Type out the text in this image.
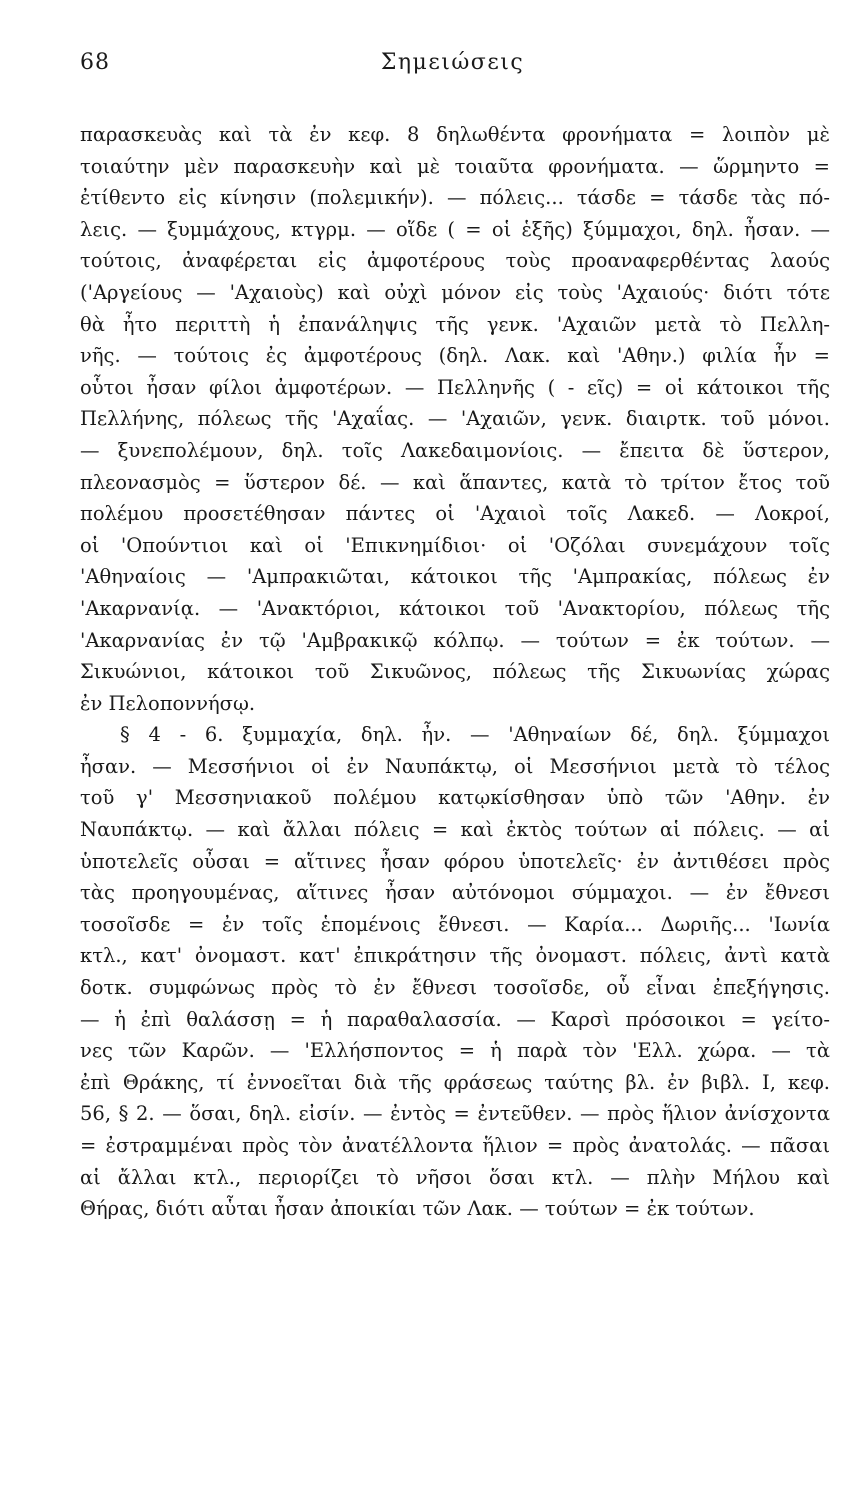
68	Σημειώσεις
παρασκευὰς καὶ τὰ ἐν κεφ. 8 δηλωθέντα φρονήματα = λοιπὸν μὲ
τοιαύτην μὲν παρασκευὴν καὶ μὲ τοιαῦτα φρονήματα. — ὥρμηντο =
ἐτίθεντο εἰς κίνησιν (πολεμικήν). — πόλεις... τάσδε = τάσδε τὰς πό-
λεις. — ξυμμάχους, κτγρμ. — οἵδε ( = οἱ ἑξῆς) ξύμμαχοι, δηλ. ἦσαν. —
τούτοις, ἀναφέρεται εἰς ἀμφοτέρους τοὺς προαναφερθέντας λαούς
('Αργείους — 'Αχαιοὺς) καὶ οὐχὶ μόνον εἰς τοὺς 'Αχαιούς· διότι τότε
θὰ ἦτο περιττὴ ἡ ἐπανάληψις τῆς γενκ. 'Αχαιῶν μετὰ τὸ Πελλη-
νῆς. — τούτοις ἐς ἀμφοτέρους (δηλ. Λακ. καὶ 'Αθην.) φιλία ἦν =
οὗτοι ἦσαν φίλοι ἀμφοτέρων. — Πελληνῆς ( - εῖς) = οἱ κάτοικοι τῆς
Πελλήνης, πόλεως τῆς 'Αχαΐας. — 'Αχαιῶν, γενκ. διαιρτκ. τοῦ μόνοι.
— ξυνεπολέμουν, δηλ. τοῖς Λακεδαιμονίοις. — ἔπειτα δὲ ὕστερον,
πλεονασμὸς = ὕστερον δέ. — καὶ ἅπαντες, κατὰ τὸ τρίτον ἔτος τοῦ
πολέμου προσετέθησαν πάντες οἱ 'Αχαιοὶ τοῖς Λακεδ. — Λοκροί,
οἱ 'Οπούντιοι καὶ οἱ 'Επικνημίδιοι· οἱ 'Οζόλαι συνεμάχουν τοῖς
'Αθηναίοις — 'Αμπρακιῶται, κάτοικοι τῆς 'Αμπρακίας, πόλεως ἐν
'Ακαρνανίᾳ. — 'Ανακτόριοι, κάτοικοι τοῦ 'Ανακτορίου, πόλεως τῆς
'Ακαρνανίας ἐν τῷ 'Αμβρακικῷ κόλπῳ. — τούτων = ἐκ τούτων. —
Σικυώνιοι, κάτοικοι τοῦ Σικυῶνος, πόλεως τῆς Σικυωνίας χώρας
ἐν Πελοποννήσῳ.
§ 4 - 6. ξυμμαχία, δηλ. ἦν. — 'Αθηναίων δέ, δηλ. ξύμμαχοι
ἦσαν. — Μεσσήνιοι οἱ ἐν Ναυπάκτῳ, οἱ Μεσσήνιοι μετὰ τὸ τέλος
τοῦ γ' Μεσσηνιακοῦ πολέμου κατῳκίσθησαν ὑπὸ τῶν 'Αθην. ἐν
Ναυπάκτῳ. — καὶ ἄλλαι πόλεις = καὶ ἐκτὸς τούτων αἱ πόλεις. — αἱ
ὑποτελεῖς οὖσαι = αἵτινες ἦσαν φόρου ὑποτελεῖς· ἐν ἀντιθέσει πρὸς
τὰς προηγουμένας, αἵτινες ἦσαν αὐτόνομοι σύμμαχοι. — ἐν ἔθνεσι
τοσοῖσδε = ἐν τοῖς ἑπομένοις ἔθνεσι. — Καρία... Δωριῆς... 'Ιωνία
κτλ., κατ' ὀνομαστ. κατ' ἐπικράτησιν τῆς ὀνομαστ. πόλεις, ἀντὶ κατὰ
δοτκ. συμφώνως πρὸς τὸ ἐν ἔθνεσι τοσοῖσδε, οὗ εἶναι ἐπεξήγησις.
— ἡ ἐπὶ θαλάσσῃ = ἡ παραθαλασσία. — Καρσὶ πρόσοικοι = γείτο-
νες τῶν Καρῶν. — 'Ελλήσποντος = ἡ παρὰ τὸν 'Ελλ. χώρα. — τὰ
ἐπὶ Θράκης, τί ἐννοεῖται διὰ τῆς φράσεως ταύτης βλ. ἐν βιβλ. I, κεφ.
56, § 2. — ὅσαι, δηλ. εἰσίν. — ἐντὸς = ἐντεῦθεν. — πρὸς ἥλιον ἀνίσχοντα
= ἐστραμμέναι πρὸς τὸν ἀνατέλλοντα ἥλιον = πρὸς ἀνατολάς. — πᾶσαι
αἱ ἄλλαι κτλ., περιορίζει τὸ νῆσοι ὅσαι κτλ. — πλὴν Μήλου καὶ
Θήρας, διότι αὗται ἦσαν ἀποικίαι τῶν Λακ. — τούτων = ἐκ τούτων.
